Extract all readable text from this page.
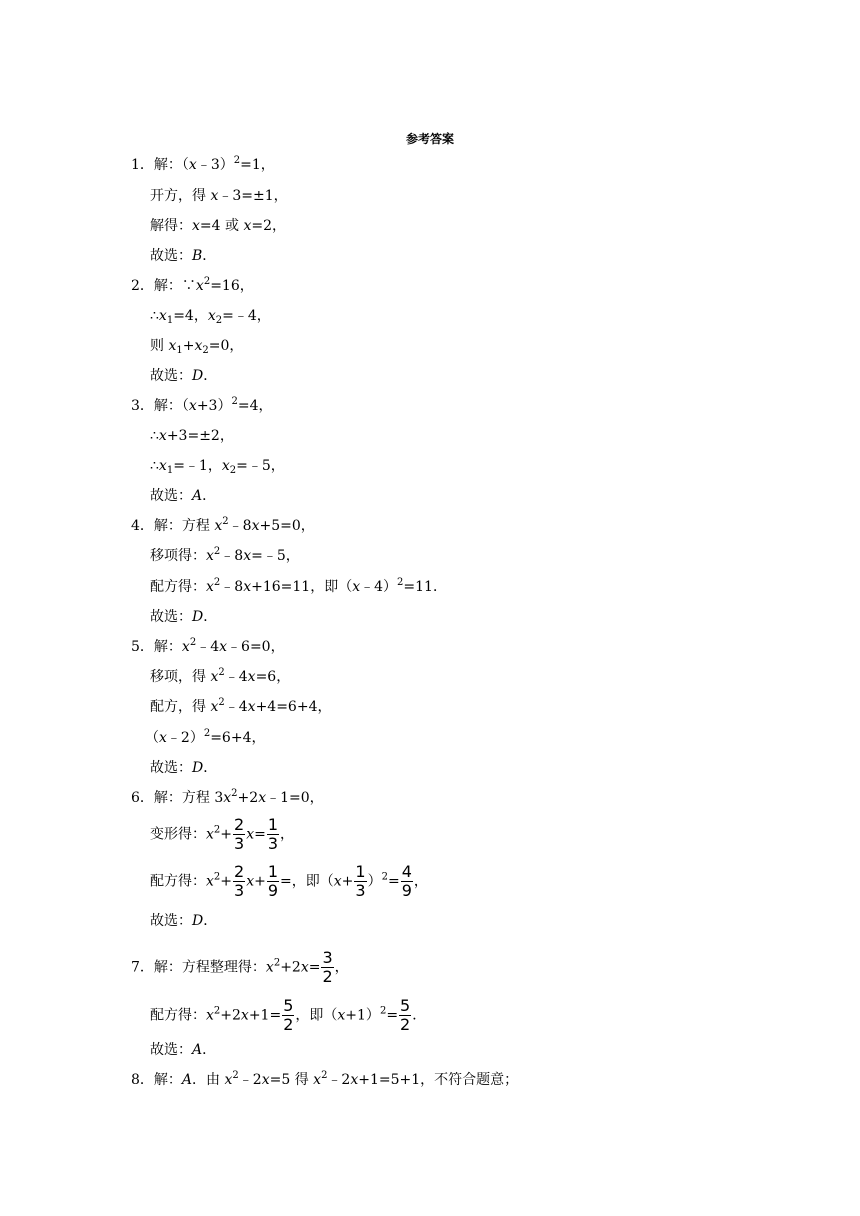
参考答案
1．解：（x﹣3）$^2$=1，
开方，得 x﹣3=±1，
解得：x=4 或 x=2，
故选：B．
2．解：$\because x^2=16$，
$\therefore x_1=4$，$x_2=﹣4$，
则 $x_1+x_2=0$，
故选：D．
3．解：$(x+3)^2=4$，
∴x+3=±2，
$\therefore x_1=﹣1$，$x_2=﹣5$，
故选：A．
4．解：方程 $x^2﹣8x+5=0$，
移项得：$x^2﹣8x=﹣5$，
配方得：$x^2﹣8x+16=11$，即（x﹣4）$^2$=11．
故选：D．
5．解：$x^2﹣4x﹣6=0$，
移项，得 $x^2﹣4x=6$，
配方，得 $x^2﹣4x+4=6+4$，
（x﹣2）$^2$=6+4，
故选：D．
6．解：方程 $3x^2+2x﹣1=0$，
变形得：$x^2+ \frac{2}{3} x= \frac{1}{3}$ ，
配方得：$x^2+ \frac{2}{3} x+ \frac{1}{9}$ =，即$(x+ \frac{1}{3} )^2= \frac{4}{9}$ ，
故选：D．
7．解：方程整理得：$x^2+2x= \frac{3}{2}$ ，
配方得：$x^2+2x+1= \frac{5}{2}$ ，即$(x+1)^2= \frac{5}{2}$ ．
故选：A．
8．解：A．由 $x^2﹣2x=5$ 得 $x^2﹣2x+1=5+1$，不符合题意；
